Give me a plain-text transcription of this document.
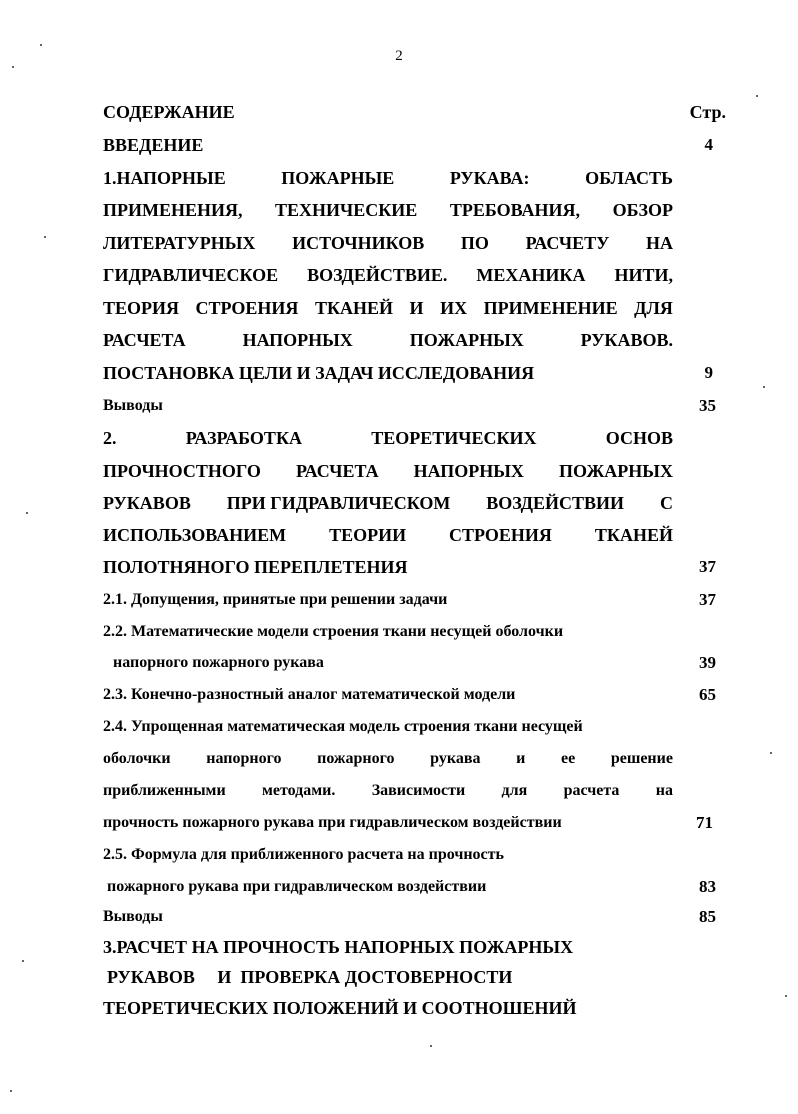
2
СОДЕРЖАНИЕ	Стр.
ВВЕДЕНИЕ	4
1.НАПОРНЫЕ	ПОЖАРНЫЕ	РУКАВА:	ОБЛАСТЬ
ПРИМЕНЕНИЯ, ТЕХНИЧЕСКИЕ ТРЕБОВАНИЯ, ОБЗОР
ЛИТЕРАТУРНЫХ ИСТОЧНИКОВ ПО РАСЧЕТУ НА
ГИДРАВЛИЧЕСКОЕ ВОЗДЕЙСТВИЕ. МЕХАНИКА НИТИ,
ТЕОРИЯ СТРОЕНИЯ ТКАНЕЙ И ИХ ПРИМЕНЕНИЕ ДЛЯ
РАСЧЕТА	НАПОРНЫХ	ПОЖАРНЫХ	РУКАВОВ.
ПОСТАНОВКА ЦЕЛИ И ЗАДАЧ ИССЛЕДОВАНИЯ	9
Выводы	35
2.	РАЗРАБОТКА	ТЕОРЕТИЧЕСКИХ	ОСНОВ
ПРОЧНОСТНОГО РАСЧЕТА НАПОРНЫХ ПОЖАРНЫХ
РУКАВОВ ПРИ ГИДРАВЛИЧЕСКОМ ВОЗДЕЙСТВИИ С
ИСПОЛЬЗОВАНИЕМ ТЕОРИИ СТРОЕНИЯ ТКАНЕЙ
ПОЛОТНЯНОГО ПЕРЕПЛЕТЕНИЯ	37
2.1. Допущения, принятые при решении задачи	37
2.2. Математические модели строения ткани несущей оболочки
напорного пожарного рукава	39
2.3. Конечно-разностный аналог математической модели	65
2.4. Упрощенная математическая модель строения ткани несущей
оболочки напорного пожарного рукава и ее решение
приближенными методами. Зависимости для расчета на
прочность пожарного рукава при гидравлическом воздействии	71
2.5. Формула для приближенного расчета на прочность
пожарного рукава при гидравлическом воздействии	83
Выводы	85
3.РАСЧЕТ НА ПРОЧНОСТЬ НАПОРНЫХ ПОЖАРНЫХ
РУКАВОВ     И  ПРОВЕРКА ДОСТОВЕРНОСТИ
ТЕОРЕТИЧЕСКИХ ПОЛОЖЕНИЙ И СООТНОШЕНИЙ
